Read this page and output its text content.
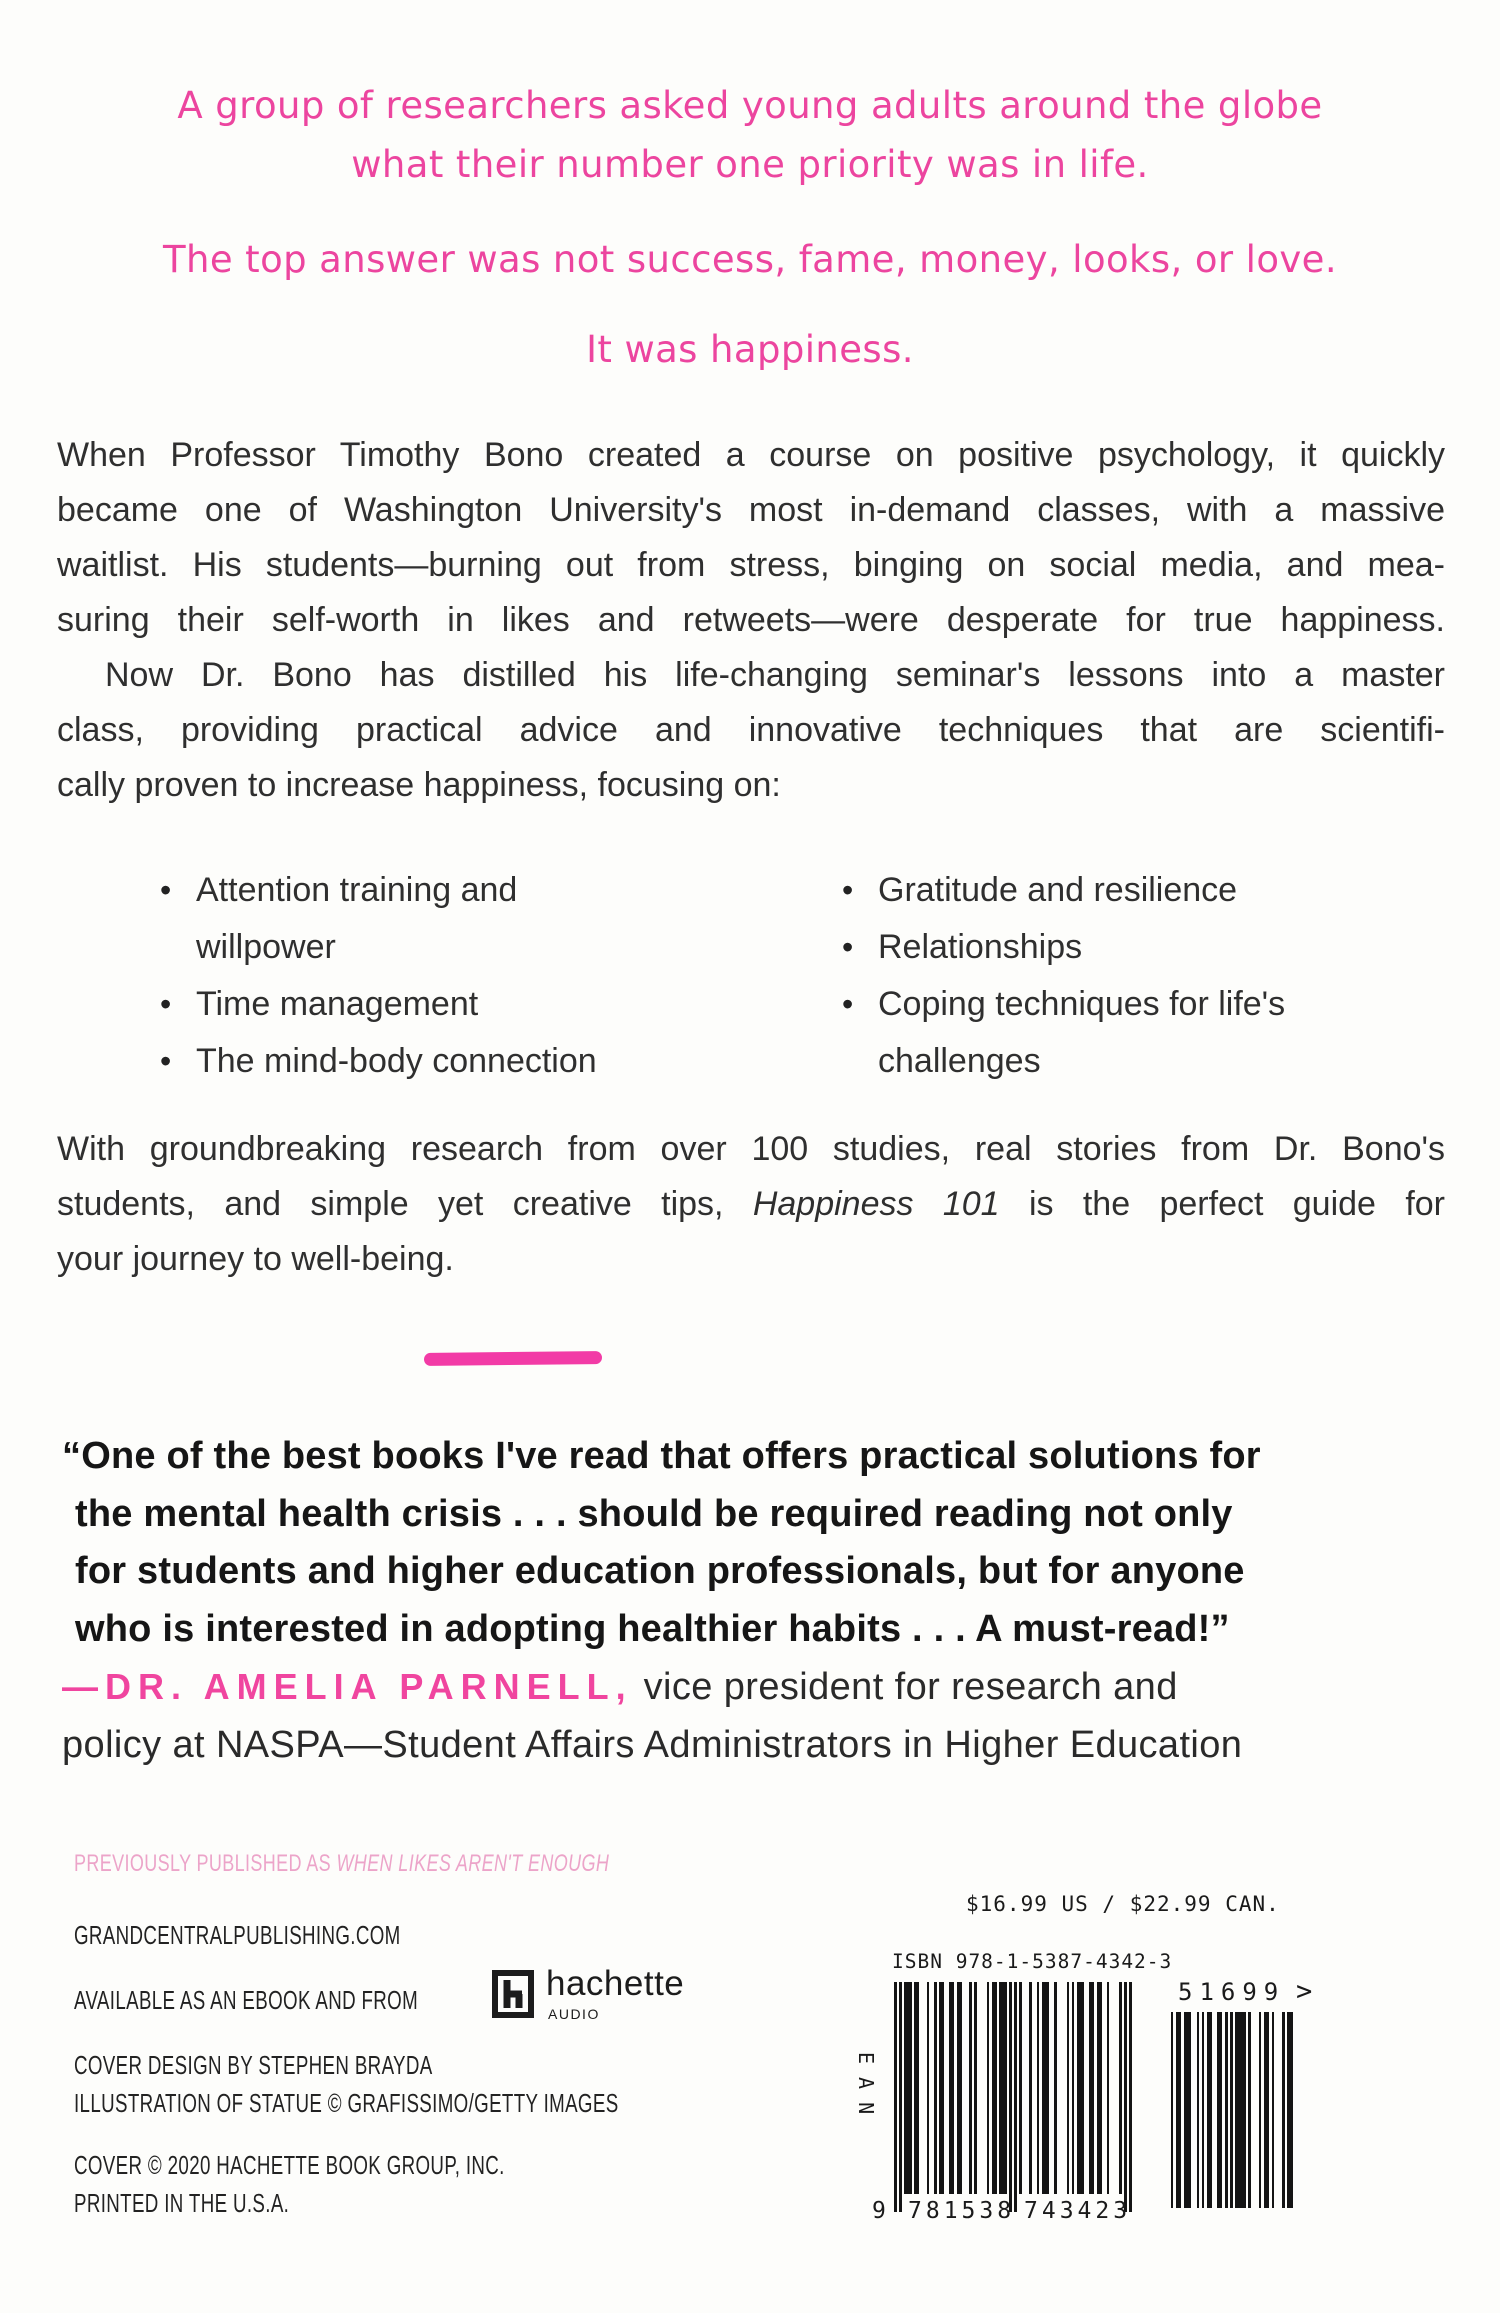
A group of researchers asked young adults around the globe
what their number one priority was in life.
The top answer was not success, fame, money, looks, or love.
It was happiness.
When Professor Timothy Bono created a course on positive psychology, it quickly
became one of Washington University's most in-demand classes, with a massive
waitlist. His students—burning out from stress, binging on social media, and mea-
suring their self-worth in likes and retweets—were desperate for true happiness.
Now Dr. Bono has distilled his life-changing seminar's lessons into a master
class, providing practical advice and innovative techniques that are scientifi-
cally proven to increase happiness, focusing on:
• Attention training and willpower
• Time management
• The mind-body connection
• Gratitude and resilience
• Relationships
• Coping techniques for life's challenges
With groundbreaking research from over 100 studies, real stories from Dr. Bono's
students, and simple yet creative tips, Happiness 101 is the perfect guide for
your journey to well-being.
“One of the best books I've read that offers practical solutions for
the mental health crisis . . . should be required reading not only
for students and higher education professionals, but for anyone
who is interested in adopting healthier habits . . . A must-read!”
—DR. AMELIA PARNELL, vice president for research and
policy at NASPA—Student Affairs Administrators in Higher Education
PREVIOUSLY PUBLISHED AS WHEN LIKES AREN'T ENOUGH
GRANDCENTRALPUBLISHING.COM
AVAILABLE AS AN EBOOK AND FROM	hachette
AUDIO
COVER DESIGN BY STEPHEN BRAYDA
ILLUSTRATION OF STATUE © GRAFISSIMO/GETTY IMAGES
COVER © 2020 HACHETTE BOOK GROUP, INC.
PRINTED IN THE U.S.A.
$16.99 US / $22.99 CAN.
ISBN 978-1-5387-4342-3
EAN
9 781538 743423
51699 >
